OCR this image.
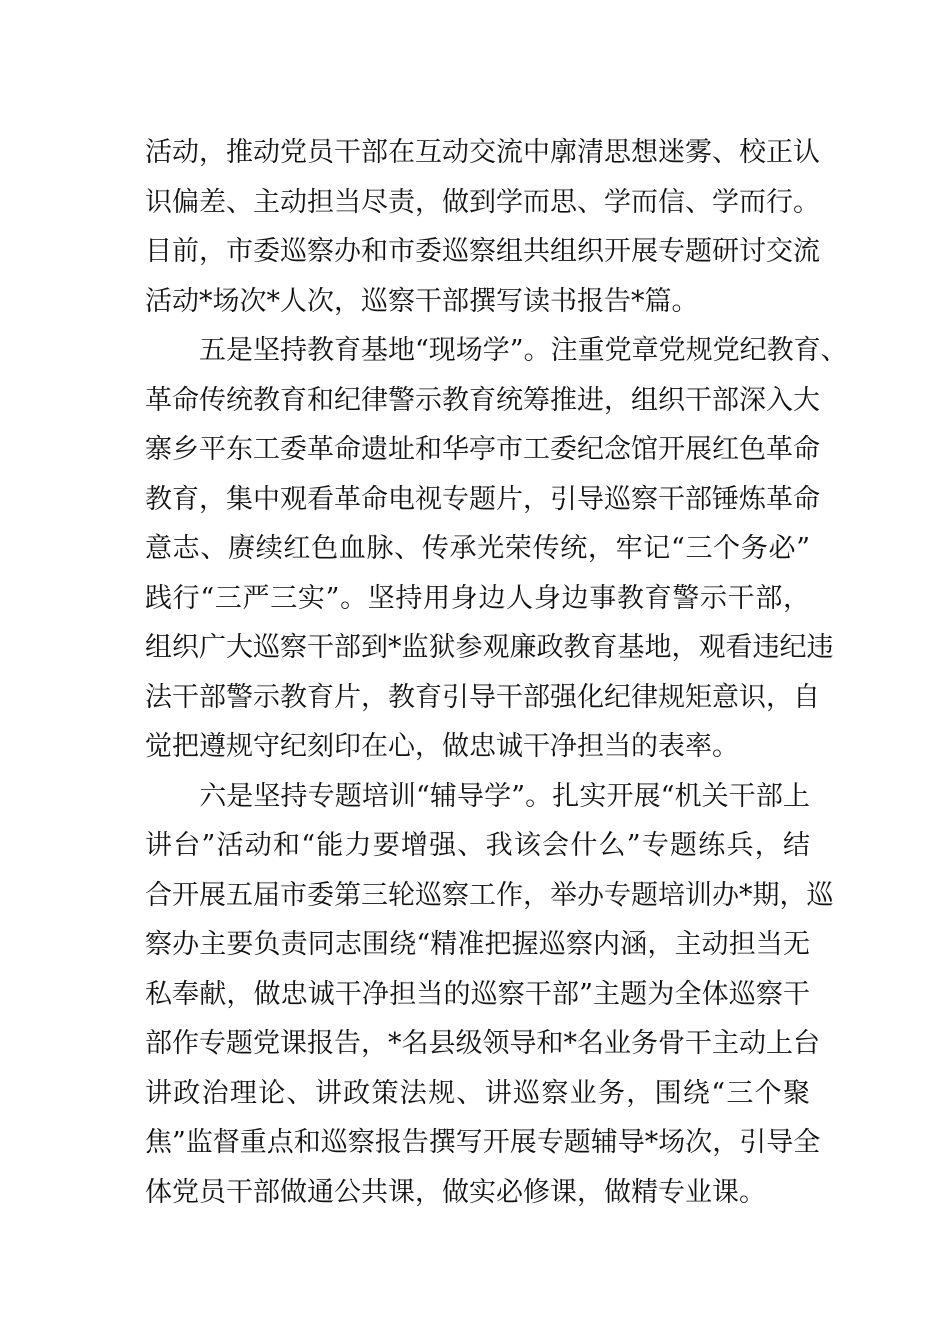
活动，推动党员干部在互动交流中廓清思想迷雾、校正认
识偏差、主动担当尽责，做到学而思、学而信、学而行。
目前，市委巡察办和市委巡察组共组织开展专题研讨交流
活动*场次*人次，巡察干部撰写读书报告*篇。
　　五是坚持教育基地“现场学”。注重党章党规党纪教育、
革命传统教育和纪律警示教育统筹推进，组织干部深入大
寨乡平东工委革命遗址和华亭市工委纪念馆开展红色革命
教育，集中观看革命电视专题片，引导巡察干部锤炼革命
意志、赓续红色血脉、传承光荣传统，牢记“三个务必”
践行“三严三实”。坚持用身边人身边事教育警示干部，
组织广大巡察干部到*监狱参观廉政教育基地，观看违纪违
法干部警示教育片，教育引导干部强化纪律规矩意识，自
觉把遵规守纪刻印在心，做忠诚干净担当的表率。
　　六是坚持专题培训“辅导学”。扎实开展“机关干部上
讲台”活动和“能力要增强、我该会什么”专题练兵，结
合开展五届市委第三轮巡察工作，举办专题培训办*期，巡
察办主要负责同志围绕“精准把握巡察内涵，主动担当无
私奉献，做忠诚干净担当的巡察干部”主题为全体巡察干
部作专题党课报告，*名县级领导和*名业务骨干主动上台
讲政治理论、讲政策法规、讲巡察业务，围绕“三个聚
焦”监督重点和巡察报告撰写开展专题辅导*场次，引导全
体党员干部做通公共课，做实必修课，做精专业课。
